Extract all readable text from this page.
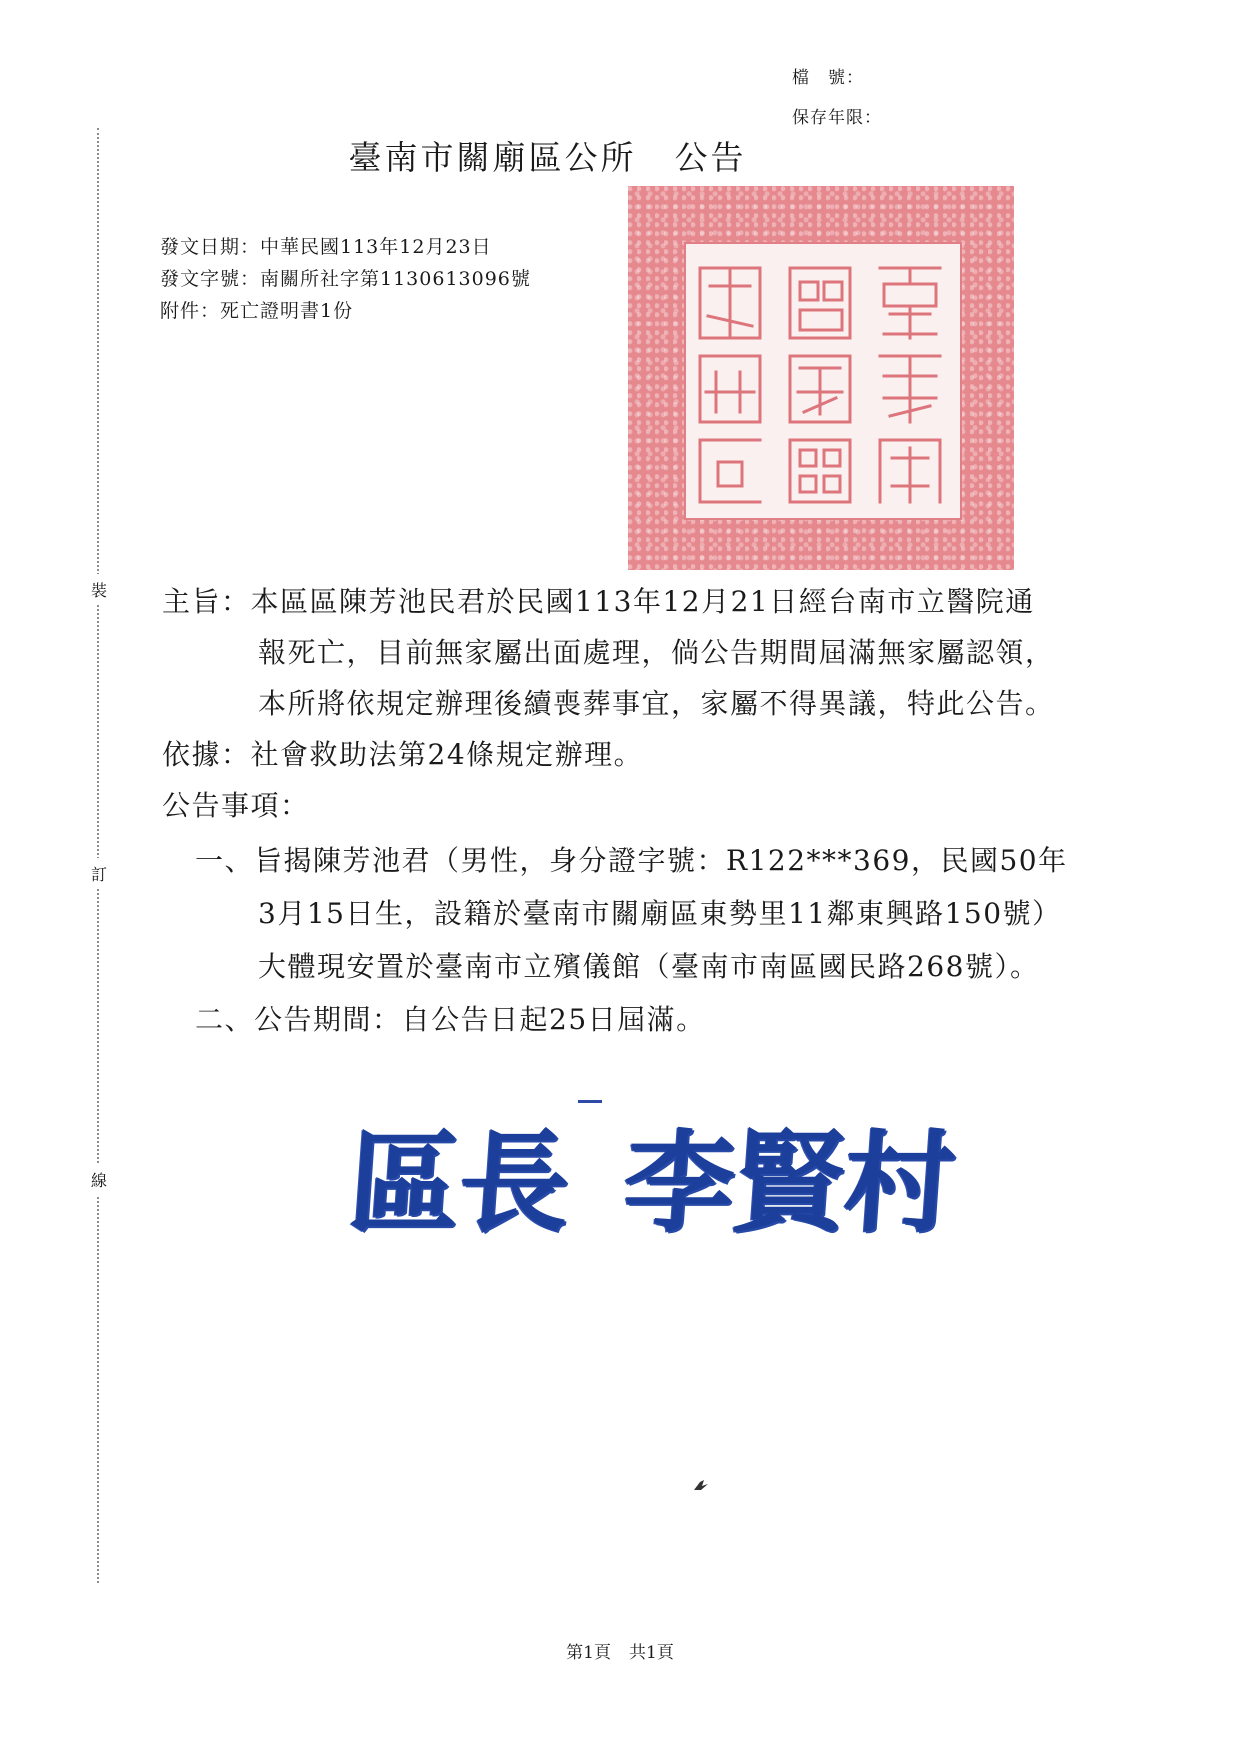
檔　號：
保存年限：
臺南市關廟區公所 公告
發文日期：中華民國113年12月23日
發文字號：南關所社字第1130613096號
附件：死亡證明書1份
裝
訂
線
主旨：本區區陳芳池民君於民國113年12月21日經台南市立醫院通
報死亡，目前無家屬出面處理，倘公告期間屆滿無家屬認領，
本所將依規定辦理後續喪葬事宜，家屬不得異議，特此公告。
依據：社會救助法第24條規定辦理。
公告事項：
一、旨揭陳芳池君（男性，身分證字號：R122***369，民國50年
3月15日生，設籍於臺南市關廟區東勢里11鄰東興路150號）
大體現安置於臺南市立殯儀館（臺南市南區國民路268號）。
二、公告期間：自公告日起25日屆滿。
區長 李賢村
第1頁 共1頁
